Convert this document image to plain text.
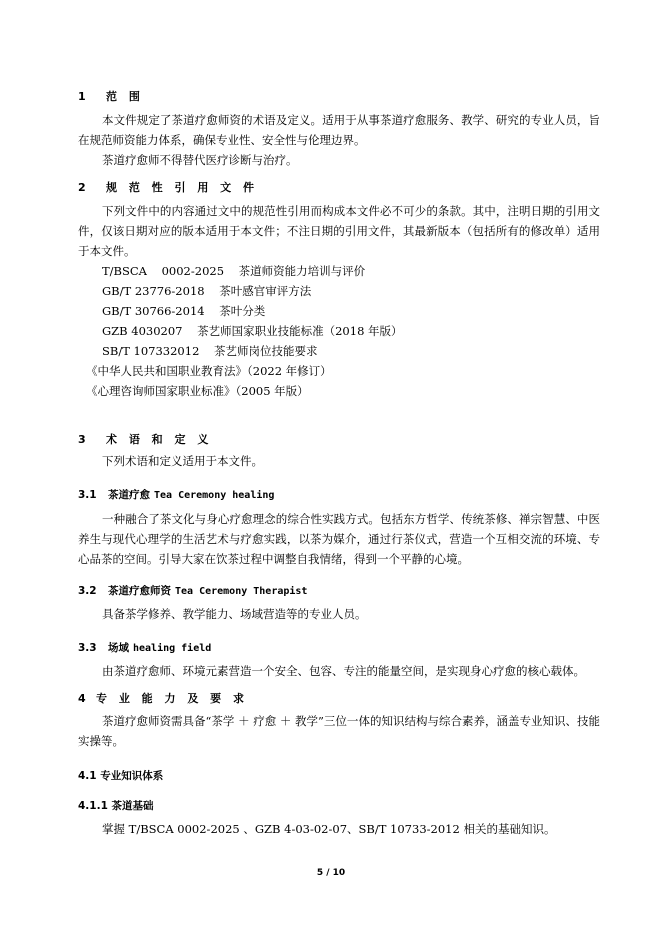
1 范 围
本文件规定了茶道疗愈师资的术语及定义。适用于从事茶道疗愈服务、教学、研究的专业人员，旨在规范师资能力体系，确保专业性、安全性与伦理边界。
茶道疗愈师不得替代医疗诊断与治疗。
2 规 范 性 引 用 文 件
下列文件中的内容通过文中的规范性引用而构成本文件必不可少的条款。其中，注明日期的引用文件，仅该日期对应的版本适用于本文件；不注日期的引用文件，其最新版本（包括所有的修改单）适用于本文件。
T/BSCA    0002-2025    茶道师资能力培训与评价
GB/T 23776-2018    茶叶感官审评方法
GB/T 30766-2014    茶叶分类
GZB 4030207    茶艺师国家职业技能标准（2018 年版）
SB/T 107332012    茶艺师岗位技能要求
《中华人民共和国职业教育法》（2022 年修订）
《心理咨询师国家职业标准》（2005 年版）
3 术 语 和 定 义
下列术语和定义适用于本文件。
3.1 茶道疗愈 Tea Ceremony healing
一种融合了茶文化与身心疗愈理念的综合性实践方式。包括东方哲学、传统茶修、禅宗智慧、中医养生与现代心理学的生活艺术与疗愈实践，以茶为媒介，通过行茶仪式，营造一个互相交流的环境、专心品茶的空间。引导大家在饮茶过程中调整自我情绪，得到一个平静的心境。
3.2 茶道疗愈师资 Tea Ceremony Therapist
具备茶学修养、教学能力、场域营造等的专业人员。
3.3 场域 healing field
由茶道疗愈师、环境元素营造一个安全、包容、专注的能量空间，是实现身心疗愈的核心载体。
4 专 业 能 力 及 要 求
茶道疗愈师资需具备“茶学 ＋ 疗愈 ＋ 教学”三位一体的知识结构与综合素养，涵盖专业知识、技能实操等。
4.1 专业知识体系
4.1.1 茶道基础
掌握 T/BSCA 0002-2025 、GZB 4-03-02-07、SB/T 10733-2012 相关的基础知识。
5 / 10
